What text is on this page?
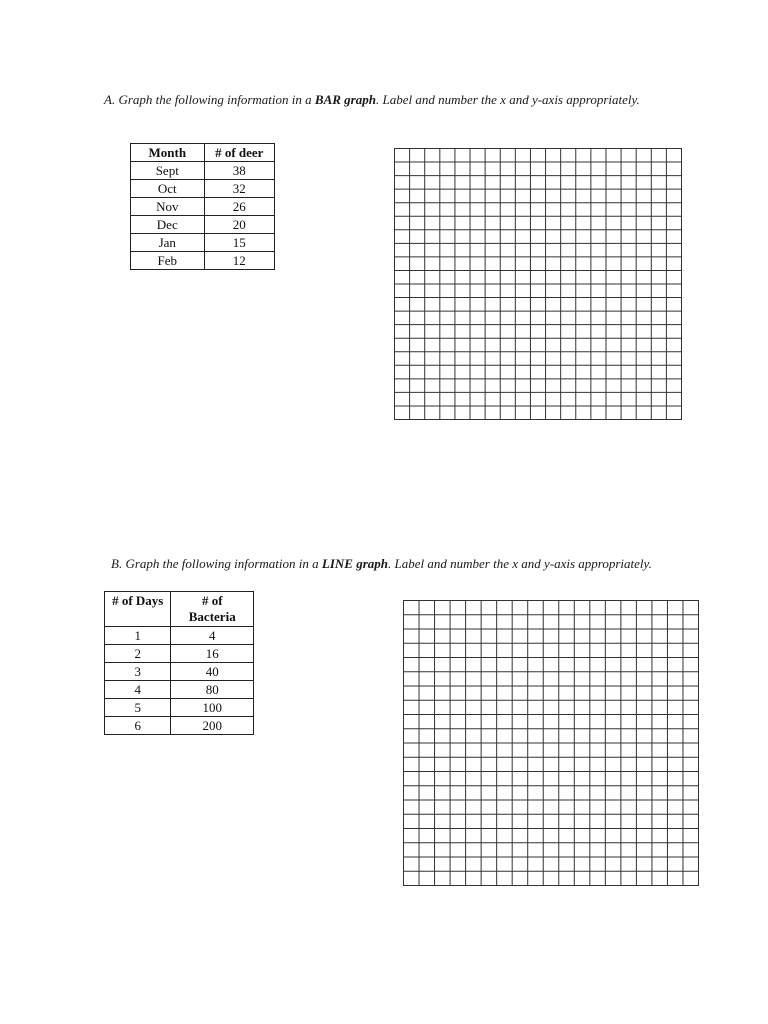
A. Graph the following information in a BAR graph. Label and number the x and y-axis appropriately.
Month	# of deer
Sept	38
Oct	32
Nov	26
Dec	20
Jan	15
Feb	12
B. Graph the following information in a LINE graph. Label and number the x and y-axis appropriately.
# of Days	# of
Bacteria
1	4
2	16
3	40
4	80
5	100
6	200
